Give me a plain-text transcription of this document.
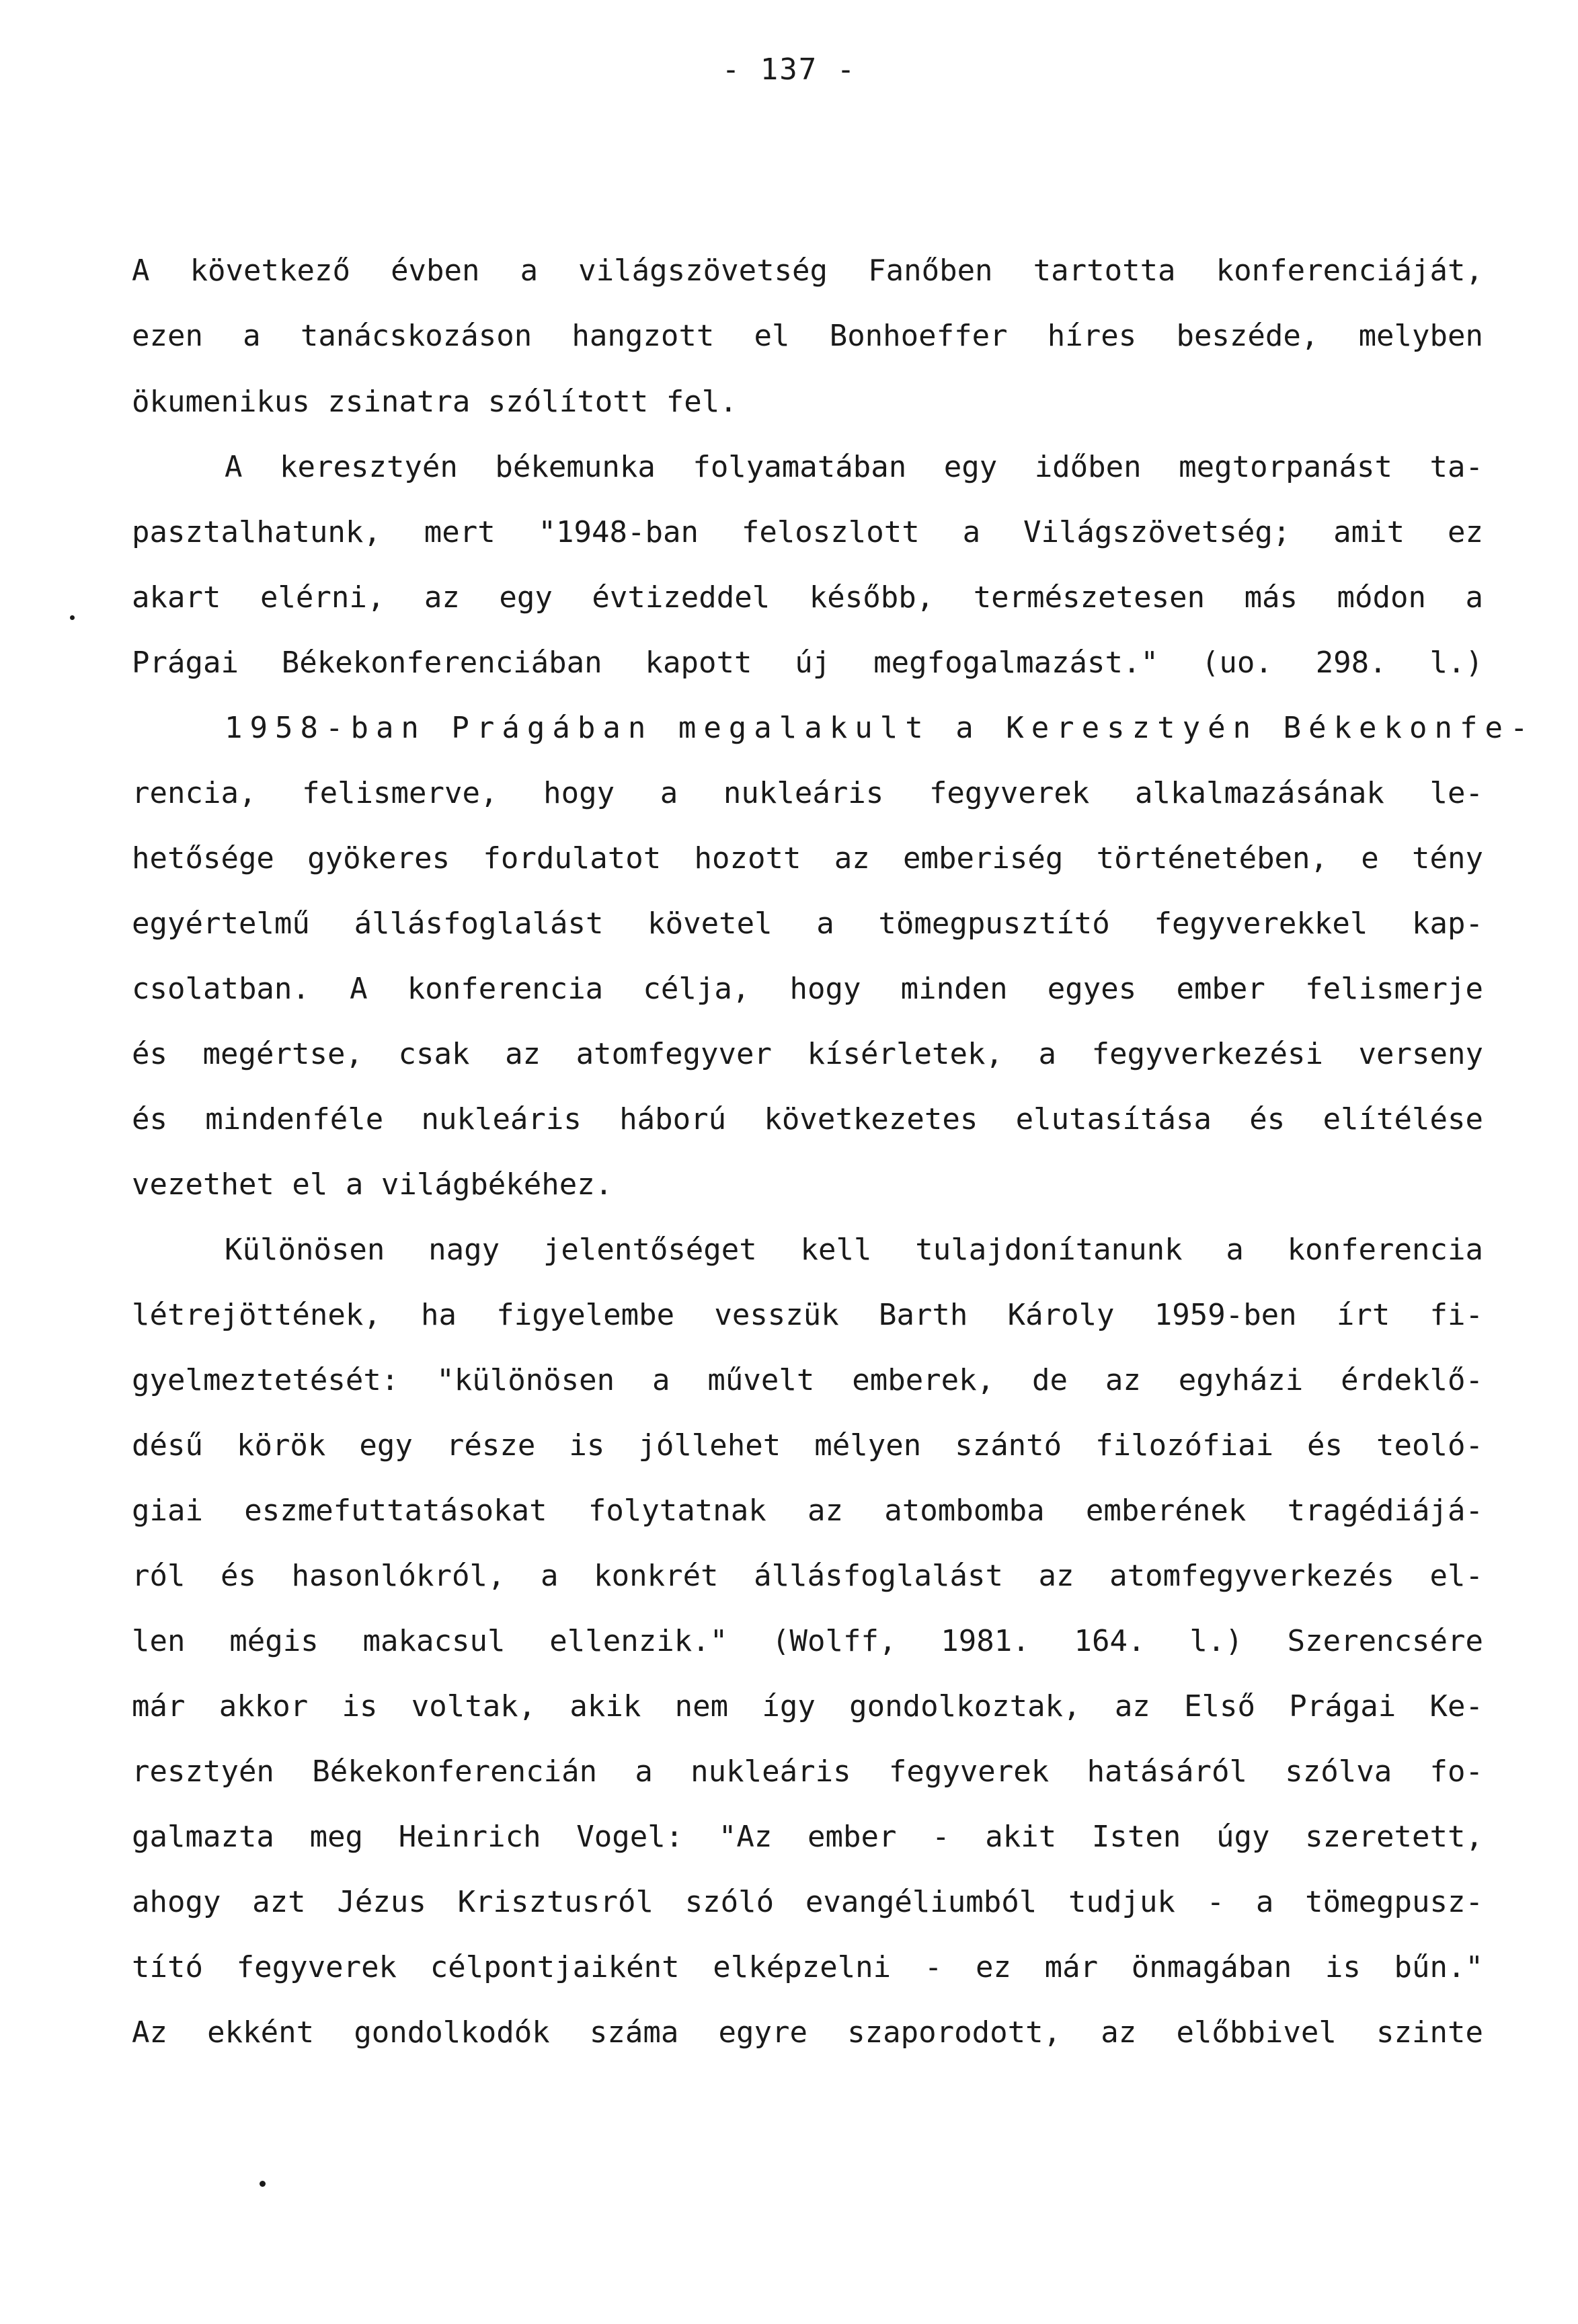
- 137 -
A következő évben a világszövetség Fanőben tartotta konferenciáját,
ezen a tanácskozáson hangzott el Bonhoeffer híres beszéde, melyben
ökumenikus zsinatra szólított fel.
A keresztyén békemunka folyamatában egy időben megtorpanást ta-
pasztalhatunk, mert "1948-ban feloszlott a Világszövetség; amit ez
akart elérni, az egy évtizeddel később, természetesen más módon a
Prágai Békekonferenciában kapott új megfogalmazást." (uo. 298. l.)
1958-ban Prágában megalakult a Keresztyén Békekonfe-
rencia, felismerve, hogy a nukleáris fegyverek alkalmazásának le-
hetősége gyökeres fordulatot hozott az emberiség történetében, e tény
egyértelmű állásfoglalást követel a tömegpusztító fegyverekkel kap-
csolatban. A konferencia célja, hogy minden egyes ember felismerje
és megértse, csak az atomfegyver kísérletek, a fegyverkezési verseny
és mindenféle nukleáris háború következetes elutasítása és elítélése
vezethet el a világbékéhez.
Különösen nagy jelentőséget kell tulajdonítanunk a konferencia
létrejöttének, ha figyelembe vesszük Barth Károly 1959-ben írt fi-
gyelmeztetését: "különösen a művelt emberek, de az egyházi érdeklő-
désű körök egy része is jóllehet mélyen szántó filozófiai és teoló-
giai eszmefuttatásokat folytatnak az atombomba emberének tragédiájá-
ról és hasonlókról, a konkrét állásfoglalást az atomfegyverkezés el-
len mégis makacsul ellenzik." (Wolff, 1981. 164. l.) Szerencsére
már akkor is voltak, akik nem így gondolkoztak, az Első Prágai Ke-
resztyén Békekonferencián a nukleáris fegyverek hatásáról szólva fo-
galmazta meg Heinrich Vogel: "Az ember - akit Isten úgy szeretett,
ahogy azt Jézus Krisztusról szóló evangéliumból tudjuk - a tömegpusz-
tító fegyverek célpontjaiként elképzelni - ez már önmagában is bűn."
Az ekként gondolkodók száma egyre szaporodott, az előbbivel szinte
